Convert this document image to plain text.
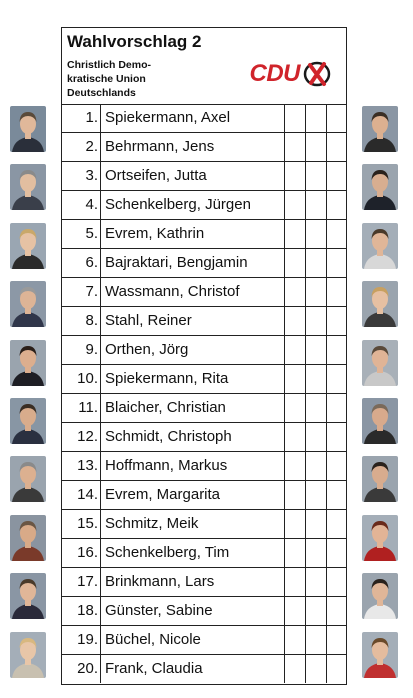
Wahlvorschlag 2
Christlich Demo-
kratische Union
Deutschlands
CDU
1. Spiekermann, Axel
2. Behrmann, Jens
3. Ortseifen, Jutta
4. Schenkelberg, Jürgen
5. Evrem, Kathrin
6. Bajraktari, Bengjamin
7. Wassmann, Christof
8. Stahl, Reiner
9. Orthen, Jörg
10. Spiekermann, Rita
11. Blaicher, Christian
12. Schmidt, Christoph
13. Hoffmann, Markus
14. Evrem, Margarita
15. Schmitz, Meik
16. Schenkelberg, Tim
17. Brinkmann, Lars
18. Günster, Sabine
19. Büchel, Nicole
20. Frank, Claudia
